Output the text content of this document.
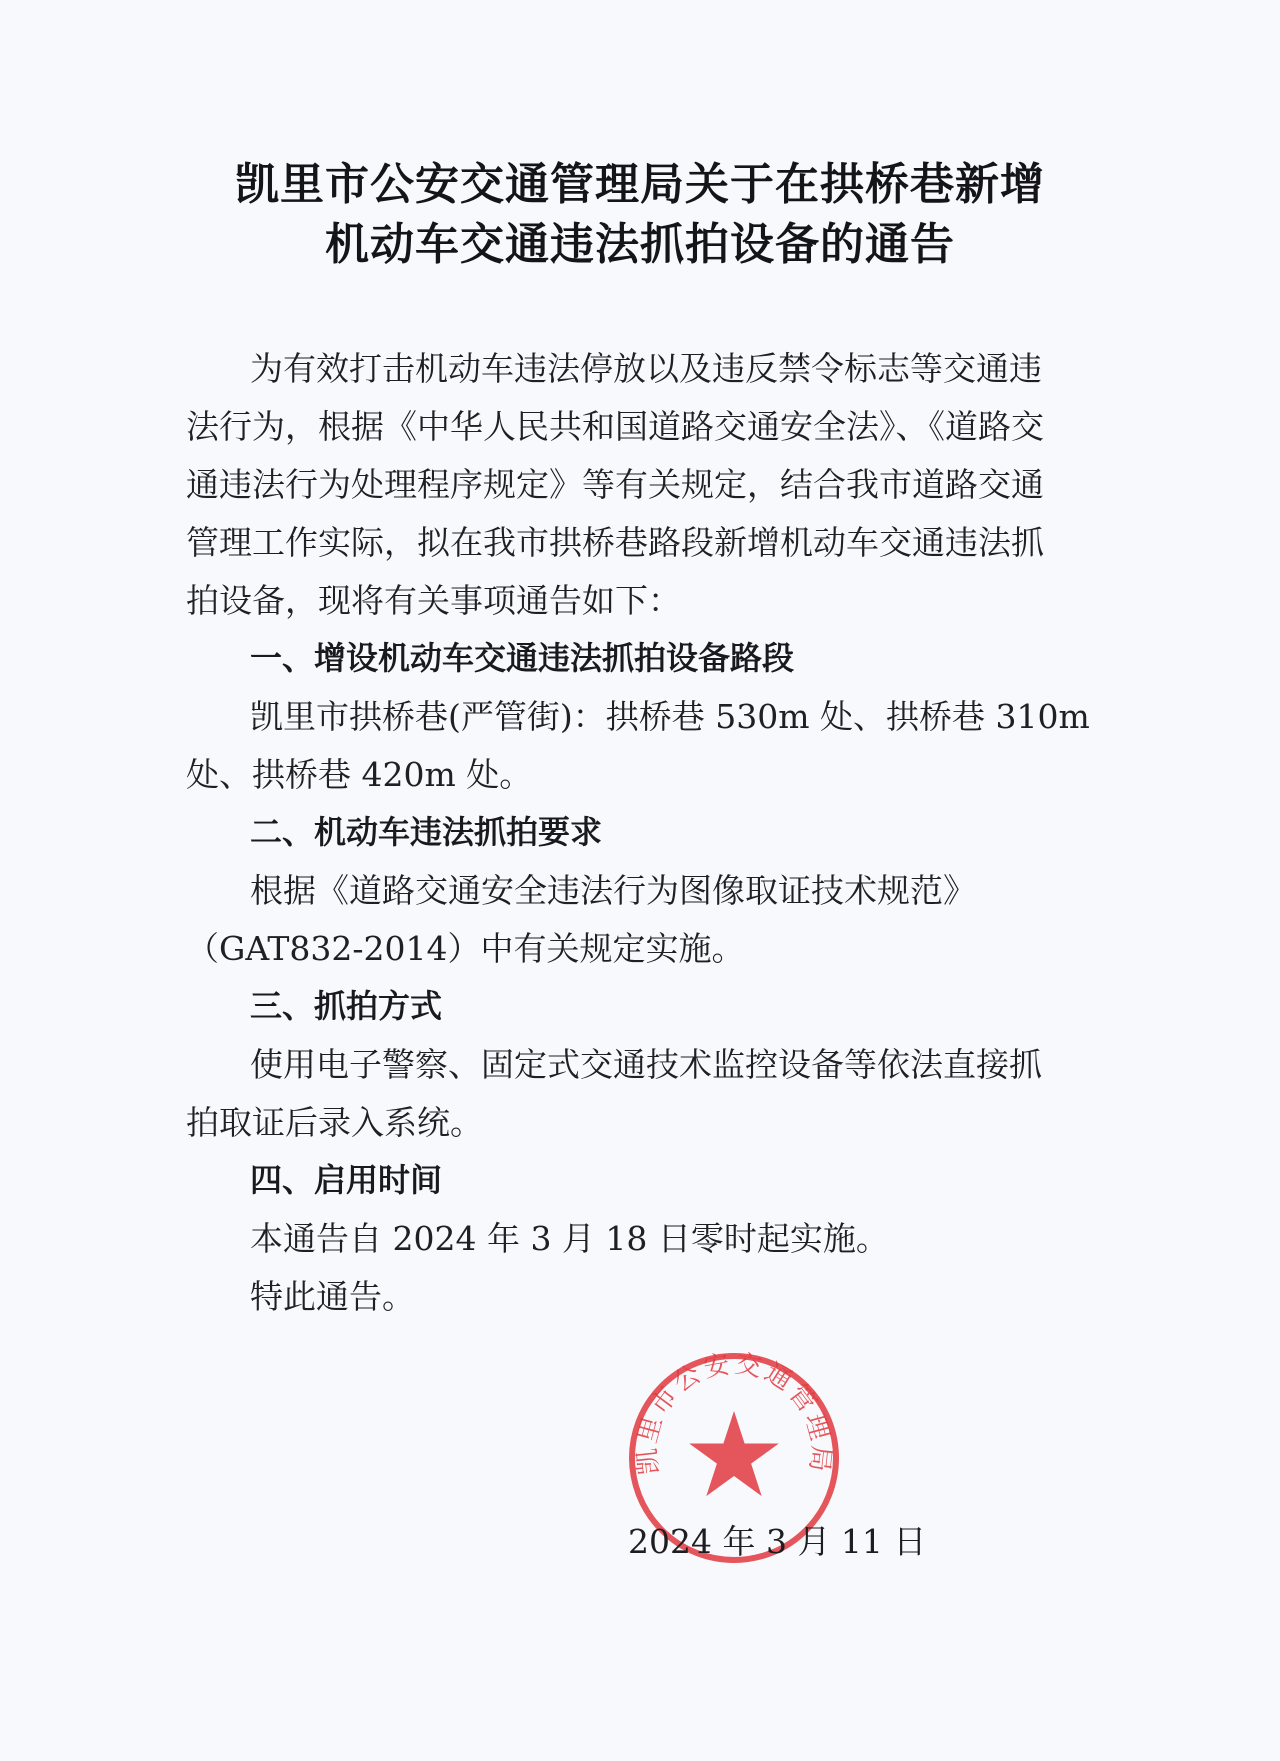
凯里市公安交通管理局关于在拱桥巷新增
机动车交通违法抓拍设备的通告
为有效打击机动车违法停放以及违反禁令标志等交通违
法行为，根据《中华人民共和国道路交通安全法》、《道路交
通违法行为处理程序规定》等有关规定，结合我市道路交通
管理工作实际，拟在我市拱桥巷路段新增机动车交通违法抓
拍设备，现将有关事项通告如下：
一、增设机动车交通违法抓拍设备路段
凯里市拱桥巷(严管街)：拱桥巷 530m 处、拱桥巷 310m
处、拱桥巷 420m 处。
二、机动车违法抓拍要求
根据《道路交通安全违法行为图像取证技术规范》
（GAT832-2014）中有关规定实施。
三、抓拍方式
使用电子警察、固定式交通技术监控设备等依法直接抓
拍取证后录入系统。
四、启用时间
本通告自 2024 年 3 月 18 日零时起实施。
特此通告。
凯里市公安交通管理局
2024 年 3 月 11 日
